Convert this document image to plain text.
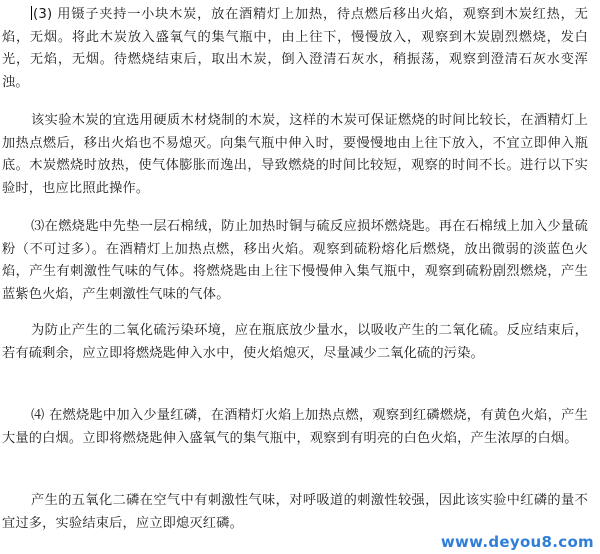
(3) 用镊子夹持一小块木炭，放在酒精灯上加热，待点燃后移出火焰，观察到木炭红热，无焰，无烟。将此木炭放入盛氧气的集气瓶中，由上往下，慢慢放入，观察到木炭剧烈燃烧，发白光，无焰，无烟。待燃烧结束后，取出木炭，倒入澄清石灰水，稍振荡，观察到澄清石灰水变浑浊。

该实验木炭的宜选用硬质木材烧制的木炭，这样的木炭可保证燃烧的时间比较长，在酒精灯上加热点燃后，移出火焰也不易熄灭。向集气瓶中伸入时，要慢慢地由上往下放入，不宜立即伸入瓶底。木炭燃烧时放热，使气体膨胀而逸出，导致燃烧的时间比较短，观察的时间不长。进行以下实验时，也应比照此操作。

⑶在燃烧匙中先垫一层石棉绒，防止加热时铜与硫反应损坏燃烧匙。再在石棉绒上加入少量硫粉（不可过多）。在酒精灯上加热点燃，移出火焰。观察到硫粉熔化后燃烧，放出微弱的淡蓝色火焰，产生有刺激性气味的气体。将燃烧匙由上往下慢慢伸入集气瓶中，观察到硫粉剧烈燃烧，产生蓝紫色火焰，产生刺激性气味的气体。

为防止产生的二氧化硫污染环境，应在瓶底放少量水，以吸收产生的二氧化硫。反应结束后，若有硫剩余，应立即将燃烧匙伸入水中，使火焰熄灭，尽量减少二氧化硫的污染。

⑷ 在燃烧匙中加入少量红磷，在酒精灯火焰上加热点燃，观察到红磷燃烧，有黄色火焰，产生大量的白烟。立即将燃烧匙伸入盛氧气的集气瓶中，观察到有明亮的白色火焰，产生浓厚的白烟。

产生的五氧化二磷在空气中有刺激性气味，对呼吸道的刺激性较强，因此该实验中红磷的量不宜过多，实验结束后，应立即熄灭红磷。

www.deyou8.com
